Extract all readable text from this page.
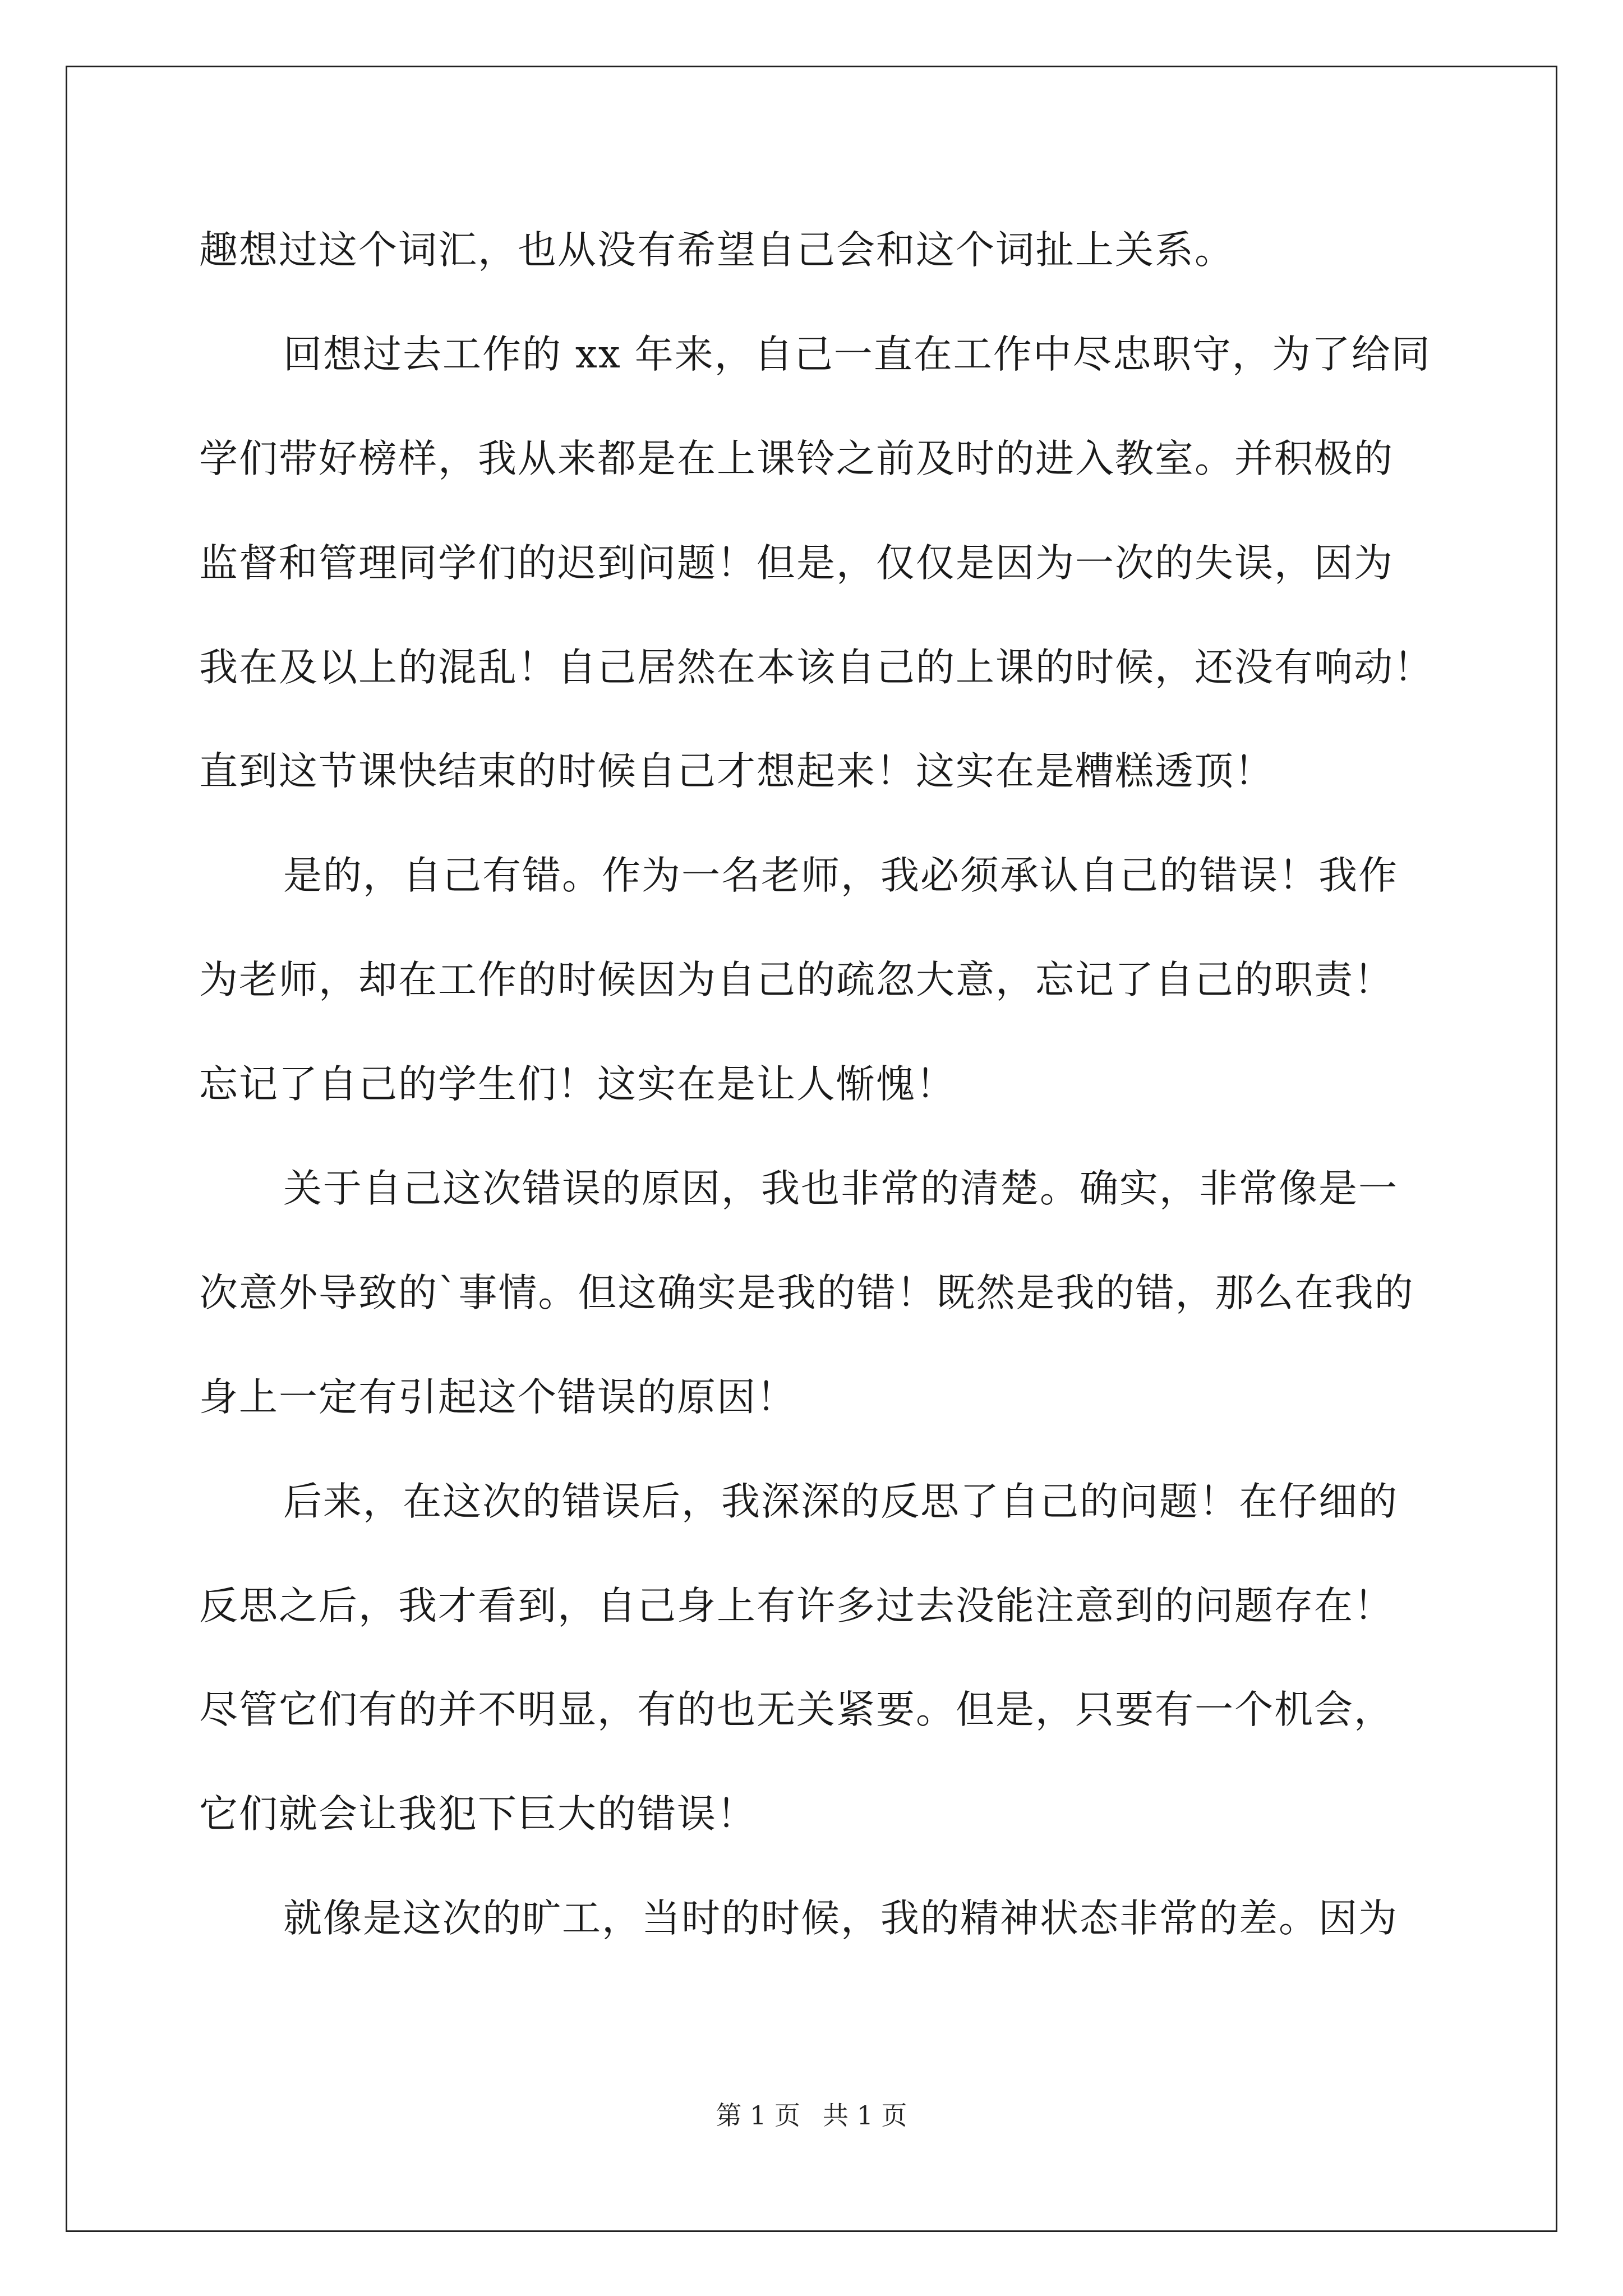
趣想过这个词汇，也从没有希望自己会和这个词扯上关系。
回想过去工作的 xx 年来，自己一直在工作中尽忠职守，为了给同
学们带好榜样，我从来都是在上课铃之前及时的进入教室。并积极的
监督和管理同学们的迟到问题！但是，仅仅是因为一次的失误，因为
我在及以上的混乱！自己居然在本该自己的上课的时候，还没有响动！
直到这节课快结束的时候自己才想起来！这实在是糟糕透顶！
是的，自己有错。作为一名老师，我必须承认自己的错误！我作
为老师，却在工作的时候因为自己的疏忽大意，忘记了自己的职责！
忘记了自己的学生们！这实在是让人惭愧！
关于自己这次错误的原因，我也非常的清楚。确实，非常像是一
次意外导致的`事情。但这确实是我的错！既然是我的错，那么在我的
身上一定有引起这个错误的原因！
后来，在这次的错误后，我深深的反思了自己的问题！在仔细的
反思之后，我才看到，自己身上有许多过去没能注意到的问题存在！
尽管它们有的并不明显，有的也无关紧要。但是，只要有一个机会，
它们就会让我犯下巨大的错误！
就像是这次的旷工，当时的时候，我的精神状态非常的差。因为
第 1 页 共 1 页
